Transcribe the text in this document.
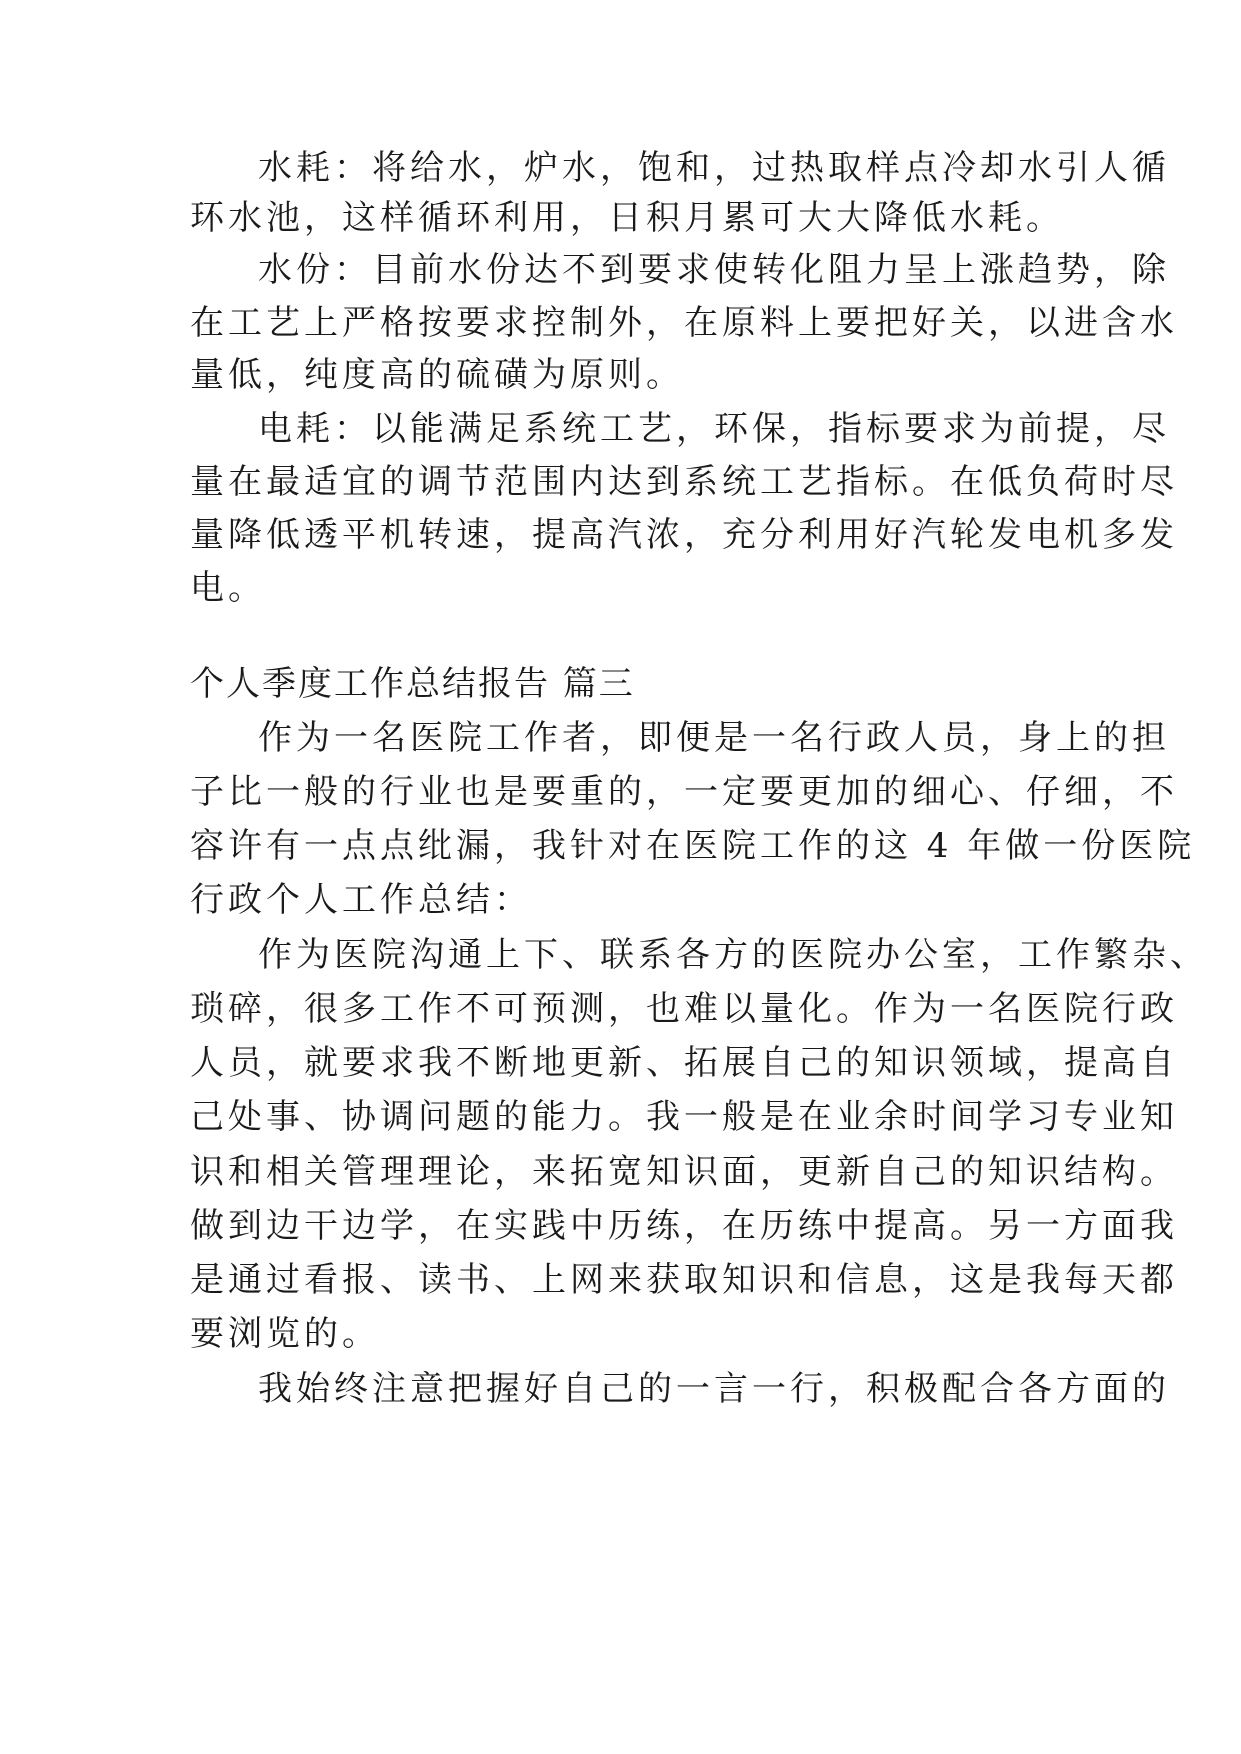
水耗：将给水，炉水，饱和，过热取样点冷却水引人循
环水池，这样循环利用，日积月累可大大降低水耗。
水份：目前水份达不到要求使转化阻力呈上涨趋势，除
在工艺上严格按要求控制外，在原料上要把好关，以进含水
量低，纯度高的硫磺为原则。
电耗：以能满足系统工艺，环保，指标要求为前提，尽
量在最适宜的调节范围内达到系统工艺指标。在低负荷时尽
量降低透平机转速，提高汽浓，充分利用好汽轮发电机多发
电。
个人季度工作总结报告 篇三
作为一名医院工作者，即便是一名行政人员，身上的担
子比一般的行业也是要重的，一定要更加的细心、仔细，不
容许有一点点纰漏，我针对在医院工作的这 4 年做一份医院
行政个人工作总结：
作为医院沟通上下、联系各方的医院办公室，工作繁杂、
琐碎，很多工作不可预测，也难以量化。作为一名医院行政
人员，就要求我不断地更新、拓展自己的知识领域，提高自
己处事、协调问题的能力。我一般是在业余时间学习专业知
识和相关管理理论，来拓宽知识面，更新自己的知识结构。
做到边干边学，在实践中历练，在历练中提高。另一方面我
是通过看报、读书、上网来获取知识和信息，这是我每天都
要浏览的。
我始终注意把握好自己的一言一行，积极配合各方面的
